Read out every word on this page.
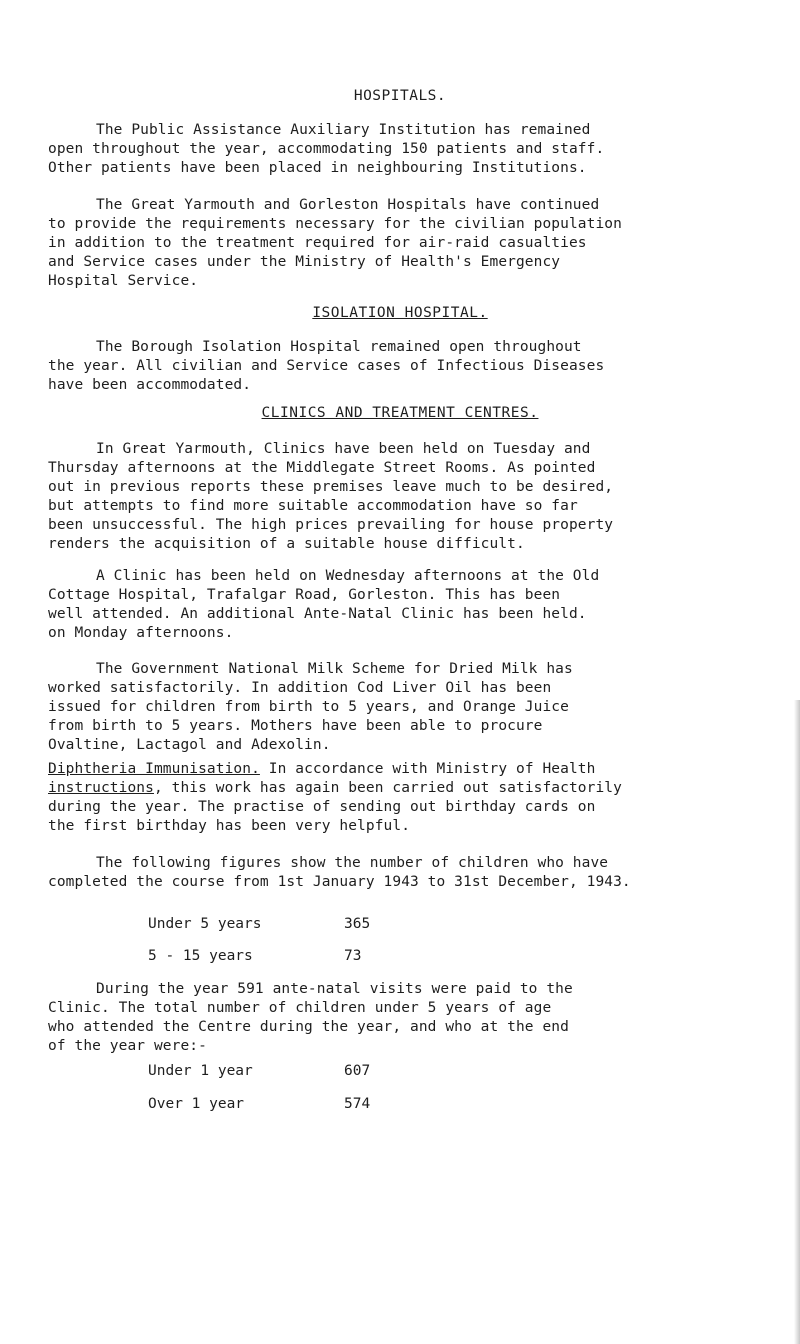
HOSPITALS.
The Public Assistance Auxiliary Institution has remained
open throughout the year, accommodating 150 patients and staff.
Other patients have been placed in neighbouring Institutions.
The Great Yarmouth and Gorleston Hospitals have continued
to provide the requirements necessary for the civilian population
in addition to the treatment required for air-raid casualties
and Service cases under the Ministry of Health's Emergency
Hospital Service.
ISOLATION HOSPITAL.
The Borough Isolation Hospital remained open throughout
the year. All civilian and Service cases of Infectious Diseases
have been accommodated.
CLINICS AND TREATMENT CENTRES.
In Great Yarmouth, Clinics have been held on Tuesday and
Thursday afternoons at the Middlegate Street Rooms. As pointed
out in previous reports these premises leave much to be desired,
but attempts to find more suitable accommodation have so far
been unsuccessful. The high prices prevailing for house property
renders the acquisition of a suitable house difficult.
A Clinic has been held on Wednesday afternoons at the Old
Cottage Hospital, Trafalgar Road, Gorleston. This has been
well attended. An additional Ante-Natal Clinic has been held.
on Monday afternoons.
The Government National Milk Scheme for Dried Milk has
worked satisfactorily. In addition Cod Liver Oil has been
issued for children from birth to 5 years, and Orange Juice
from birth to 5 years. Mothers have been able to procure
Ovaltine, Lactagol and Adexolin.
Diphtheria Immunisation. In accordance with Ministry of Health
instructions, this work has again been carried out satisfactorily
during the year. The practise of sending out birthday cards on
the first birthday has been very helpful.
The following figures show the number of children who have
completed the course from 1st January 1943 to 31st December, 1943.
Under 5 years	365
5 - 15 years	73
During the year 591 ante-natal visits were paid to the
Clinic. The total number of children under 5 years of age
who attended the Centre during the year, and who at the end
of the year were:-
Under 1 year	607
Over 1 year	574
